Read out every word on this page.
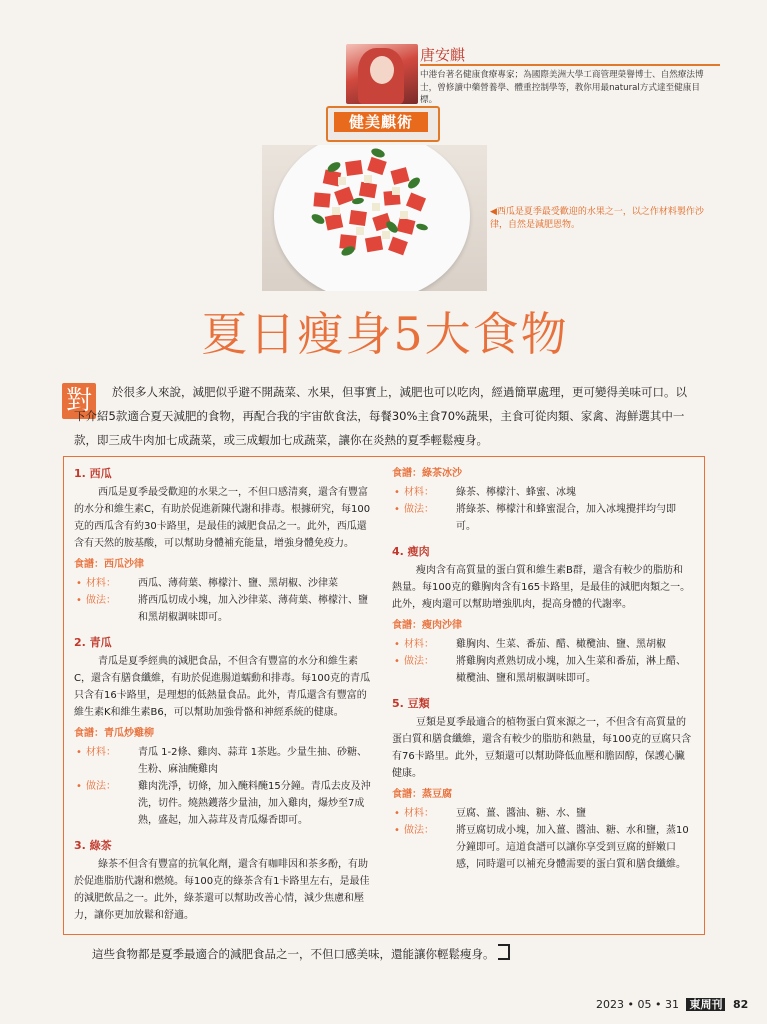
唐安麒
中港台著名健康食療專家；為國際美洲大學工商管理榮譽博士、自然療法博士，曾修讀中藥營養學、體重控制學等，教你用最natural方式達至健康目標。
健美麒術
◀西瓜是夏季最受歡迎的水果之一，以之作材料製作沙律，自然是減肥恩物。
夏日瘦身5大食物
對	於很多人來說，減肥似乎避不開蔬菜、水果，但事實上，減肥也可以吃肉，經過簡單處理，更可變得美味可口。以下介紹5款適合夏天減肥的食物，再配合我的宇宙飲食法，每餐30%主食70%蔬果，主食可從肉類、家禽、海鮮選其中一款，即三成牛肉加七成蔬菜，或三成蝦加七成蔬菜，讓你在炎熱的夏季輕鬆瘦身。
1. 西瓜
西瓜是夏季最受歡迎的水果之一，不但口感清爽，還含有豐富的水分和維生素C，有助於促進新陳代謝和排毒。根據研究，每100克的西瓜含有約30卡路里，是最佳的減肥食品之一。此外，西瓜還含有天然的胺基酸，可以幫助身體補充能量，增強身體免疫力。
食譜：西瓜沙律
• 材料：	西瓜、薄荷葉、檸檬汁、鹽、黑胡椒、沙律菜
• 做法：	將西瓜切成小塊，加入沙律菜、薄荷葉、檸檬汁、鹽和黑胡椒調味即可。
2. 青瓜
青瓜是夏季經典的減肥食品，不但含有豐富的水分和維生素C，還含有膳食纖維，有助於促進腸道蠕動和排毒。每100克的青瓜只含有16卡路里，是理想的低熱量食品。此外，青瓜還含有豐富的維生素K和維生素B6，可以幫助加強骨骼和神經系統的健康。
食譜：青瓜炒雞柳
• 材料：	青瓜 1-2條、雞肉、蒜茸 1茶匙。少量生抽、砂糖、生粉、麻油醃雞肉
• 做法：	雞肉洗淨，切條，加入醃料醃15分鐘。青瓜去皮及沖洗，切件。燒熱鑊落少量油，加入雞肉，爆炒至7成熟，盛起，加入蒜茸及青瓜爆香即可。
3. 綠茶
綠茶不但含有豐富的抗氧化劑，還含有咖啡因和茶多酚，有助於促進脂肪代謝和燃燒。每100克的綠茶含有1卡路里左右，是最佳的減肥飲品之一。此外，綠茶還可以幫助改善心情，減少焦慮和壓力，讓你更加放鬆和舒適。
食譜：綠茶冰沙
• 材料：	綠茶、檸檬汁、蜂蜜、冰塊
• 做法：	將綠茶、檸檬汁和蜂蜜混合，加入冰塊攪拌均勻即可。
4. 瘦肉
瘦肉含有高質量的蛋白質和維生素B群，還含有較少的脂肪和熱量。每100克的雞胸肉含有165卡路里，是最佳的減肥肉類之一。此外，瘦肉還可以幫助增強肌肉，提高身體的代謝率。
食譜：瘦肉沙律
• 材料：	雞胸肉、生菜、番茄、醋、橄欖油、鹽、黑胡椒
• 做法：	將雞胸肉煮熟切成小塊，加入生菜和番茄，淋上醋、橄欖油、鹽和黑胡椒調味即可。
5. 豆類
豆類是夏季最適合的植物蛋白質來源之一，不但含有高質量的蛋白質和膳食纖維，還含有較少的脂肪和熱量，每100克的豆腐只含有76卡路里。此外，豆類還可以幫助降低血壓和膽固醇，保護心臟健康。
食譜：蒸豆腐
• 材料：	豆腐、薑、醬油、糖、水、鹽
• 做法：	將豆腐切成小塊，加入薑、醬油、糖、水和鹽，蒸10分鐘即可。這道食譜可以讓你享受到豆腐的鮮嫩口感，同時還可以補充身體需要的蛋白質和膳食纖維。
這些食物都是夏季最適合的減肥食品之一，不但口感美味，還能讓你輕鬆瘦身。
2023 • 05 • 31 東周刊 82
